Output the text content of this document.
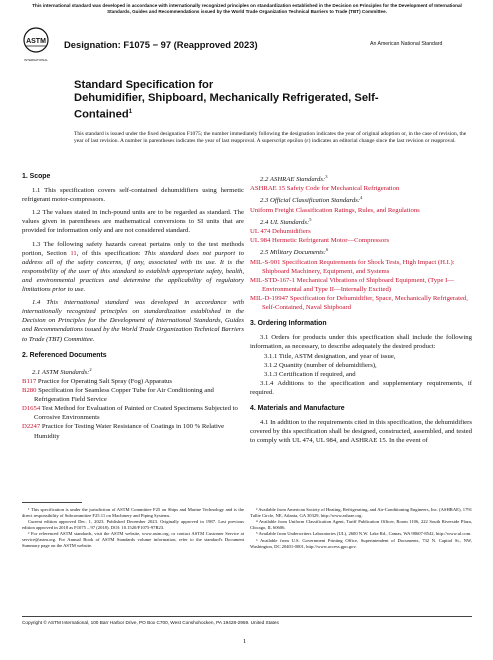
This international standard was developed in accordance with internationally recognized principles on standardization established in the Decision on Principles for the Development of International Standards, Guides and Recommendations issued by the World Trade Organization Technical Barriers to Trade (TBT) Committee.
ASTM
INTERNATIONAL
Designation: F1075 − 97 (Reapproved 2023)	An American National Standard
Standard Specification for
Dehumidifier, Shipboard, Mechanically Refrigerated, Self-
Contained$^1$
This standard is issued under the fixed designation F1075; the number immediately following the designation indicates the year of original adoption or, in the case of revision, the year of last revision. A number in parentheses indicates the year of last reapproval. A superscript epsilon (ε) indicates an editorial change since the last revision or reapproval.
1. Scope

1.1 This specification covers self-contained dehumidifiers using hermetic refrigerant motor-compressors.

1.2 The values stated in inch-pound units are to be regarded as standard. The values given in parentheses are mathematical conversions to SI units that are provided for information only and are not considered standard.

1.3 The following safety hazards caveat pertains only to the test methods portion, Section 11, of this specification: This standard does not purport to address all of the safety concerns, if any, associated with its use. It is the responsibility of the user of this standard to establish appropriate safety, health, and environmental practices and determine the applicability of regulatory limitations prior to use.

1.4 This international standard was developed in accordance with internationally recognized principles on standardization established in the Decision on Principles for the Development of International Standards, Guides and Recommendations issued by the World Trade Organization Technical Barriers to Trade (TBT) Committee.

2. Referenced Documents
2.1 ASTM Standards:$^2$
B117 Practice for Operating Salt Spray (Fog) Apparatus
B280 Specification for Seamless Copper Tube for Air Conditioning and Refrigeration Field Service
D1654 Test Method for Evaluation of Painted or Coated Specimens Subjected to Corrosive Environments
D2247 Practice for Testing Water Resistance of Coatings in 100 % Relative Humidity
2.2 ASHRAE Standards:$^3$
ASHRAE 15 Safety Code for Mechanical Refrigeration
2.3 Official Classification Standards:$^4$
Uniform Freight Classification Ratings, Rules, and Regulations
2.4 UL Standards:$^5$
UL 474 Dehumidifiers
UL 984 Hermetic Refrigerant Motor—Compressors
2.5 Military Documents:$^6$
MIL-S-901 Specification Requirements for Shock Tests, High Impact (H.I.): Shipboard Machinery, Equipment, and Systems
MIL-STD-167-1 Mechanical Vibrations of Shipboard Equipment, (Type I—Environmental and Type II—Internally Excited)
MIL-D-19947 Specification for Dehumidifier, Space, Mechanically Refrigerated, Self-Contained, Naval Shipboard
3. Ordering Information

3.1 Orders for products under this specification shall include the following information, as necessary, to describe adequately the desired product:

3.1.1 Title, ASTM designation, and year of issue,
3.1.2 Quantity (number of dehumidifiers),
3.1.3 Certification if required, and

3.1.4 Additions to the specification and supplementary requirements, if required.

4. Materials and Manufacture

4.1 In addition to the requirements cited in this specification, the dehumidifiers covered by this specification shall be designed, constructed, assembled, and tested to comply with UL 474, UL 984, and ASHRAE 15. In the event of

¹ This specification is under the jurisdiction of ASTM Committee F25 on Ships and Marine Technology and is the direct responsibility of Subcommittee F25.11 on Machinery and Piping Systems.

Current edition approved Dec. 1, 2023. Published December 2023. Originally approved in 1987. Last previous edition approved in 2018 as F1075 – 97 (2018). DOI: 10.1520/F1075-97R23.

² For referenced ASTM standards, visit the ASTM website, www.astm.org, or contact ASTM Customer Service at service@astm.org. For Annual Book of ASTM Standards volume information, refer to the standard's Document Summary page on the ASTM website.

³ Available from American Society of Heating, Refrigerating, and Air-Conditioning Engineers, Inc. (ASHRAE), 1791 Tullie Circle, NE, Atlanta, GA 30329, http://www.ashrae.org.

⁴ Available from Uniform Classification Agent, Tariff Publication Officer, Room 1106, 222 South Riverside Plaza, Chicago, IL 60606.

⁵ Available from Underwriters Laboratories (UL), 2600 N.W. Lake Rd., Camas, WA 98607-8542, http://www.ul.com.

⁶ Available from U.S. Government Printing Office, Superintendent of Documents, 732 N. Capitol St., NW, Washington, DC 20401-0001, http://www.access.gpo.gov.

Copyright © ASTM International, 100 Barr Harbor Drive, PO Box C700, West Conshohocken, PA 19428-2959. United States
1
